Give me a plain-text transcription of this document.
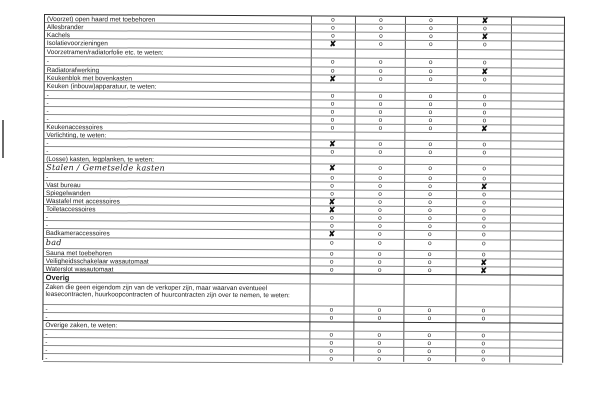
(Voorzet) open haard met toebehoren
o
o
o
✘
Allesbrander
o
o
o
o
Kachels
o
o
o
✘
Isolatievoorzieningen
✘
o
o
o
Voorzetramen/radiatorfolie etc. te weten:
-
o
o
o
o
Radiatorafwerking
o
o
o
✘
Keukenblok met bovenkasten
✘
o
o
o
Keuken (inbouw)apparatuur, te weten:
-
o
o
o
o
-
o
o
o
o
-
o
o
o
o
-
o
o
o
o
Keukenaccessoires
o
o
o
✘
Verlichting, te weten:
-
✘
o
o
o
-
o
o
o
o
(Losse) kasten, legplanken, te weten:
Stalen / Gemetselde kasten
✘
o
o
o
-
o
o
o
o
Vast bureau
o
o
o
✘
Spiegelwanden
o
o
o
o
Wastafel met accessoires
✘
o
o
o
Toiletaccessoires
✘
o
o
o
-
o
o
o
o
-
o
o
o
o
Badkameraccessoires
✘
o
o
o
bad
o
o
o
o
Sauna met toebehoren
o
o
o
o
Veiligheidsschakelaar wasautomaat
o
o
o
✘
Waterslot wasautomaat
o
o
o
✘
Overig
Zaken die geen eigendom zijn van de verkoper zijn, maar waarvan eventueel leasecontracten, huurkoopcontracten of huurcontracten zijn over te nemen, te weten:
-
o
o
o
o
-
o
o
o
o
Overige zaken, te weten:
-
o
o
o
o
-
o
o
o
o
-
o
o
o
o
-
o
o
o
o
